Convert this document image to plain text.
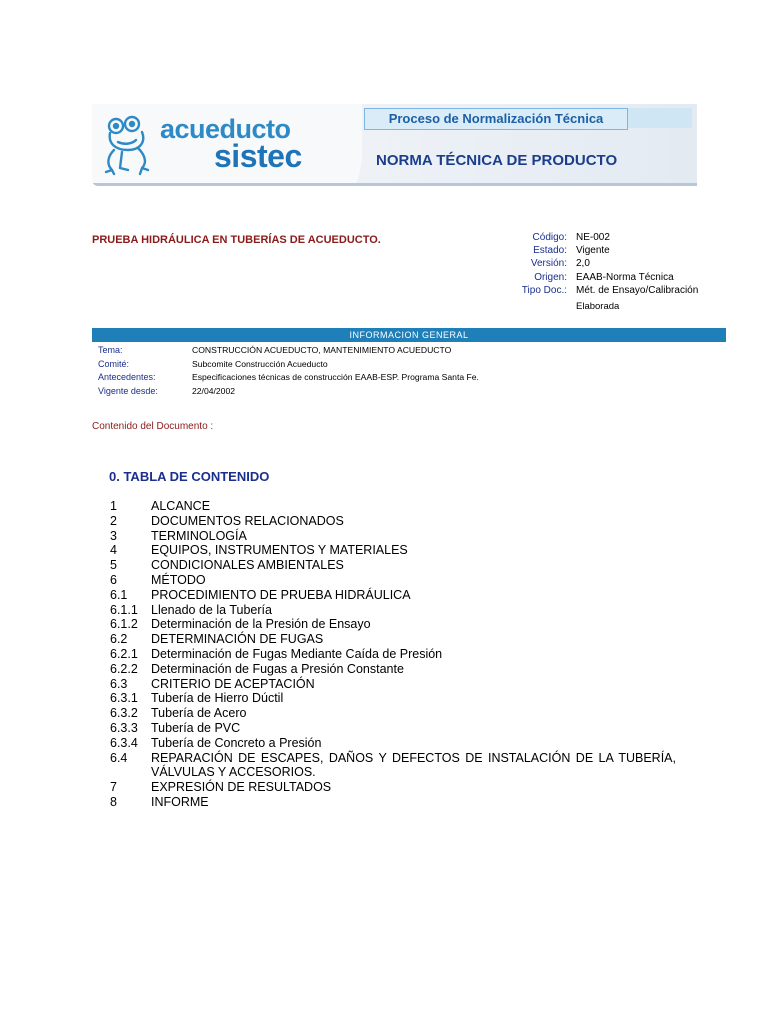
acueducto
sistec
Proceso de Normalización Técnica
NORMA TÉCNICA DE PRODUCTO
PRUEBA HIDRÁULICA EN TUBERÍAS DE ACUEDUCTO.	Código: NE-002
Estado: Vigente
Versión: 2,0
Origen: EAAB-Norma Técnica
Tipo Doc.: Mét. de Ensayo/Calibración
Elaborada
INFORMACION GENERAL
Tema:	CONSTRUCCIÓN ACUEDUCTO, MANTENIMIENTO ACUEDUCTO
Comité:	Subcomite Construcción Acueducto
Antecedentes:	Especificaciones técnicas de construcción EAAB-ESP. Programa Santa Fe.
Vigente desde:	22/04/2002
Contenido del Documento :
0. TABLA DE CONTENIDO
1	ALCANCE
2	DOCUMENTOS RELACIONADOS
3	TERMINOLOGÍA
4	EQUIPOS, INSTRUMENTOS Y MATERIALES
5	CONDICIONALES AMBIENTALES
6	MÉTODO
6.1	PROCEDIMIENTO DE PRUEBA HIDRÁULICA
6.1.1	Llenado de la Tubería
6.1.2	Determinación de la Presión de Ensayo
6.2	DETERMINACIÓN DE FUGAS
6.2.1	Determinación de Fugas Mediante Caída de Presión
6.2.2	Determinación de Fugas a Presión Constante
6.3	CRITERIO DE ACEPTACIÓN
6.3.1	Tubería de Hierro Dúctil
6.3.2	Tubería de Acero
6.3.3	Tubería de PVC
6.3.4	Tubería de Concreto a Presión
6.4	REPARACIÓN DE ESCAPES, DAÑOS Y DEFECTOS DE INSTALACIÓN DE LA TUBERÍA, VÁLVULAS Y ACCESORIOS.
7	EXPRESIÓN DE RESULTADOS
8	INFORME
